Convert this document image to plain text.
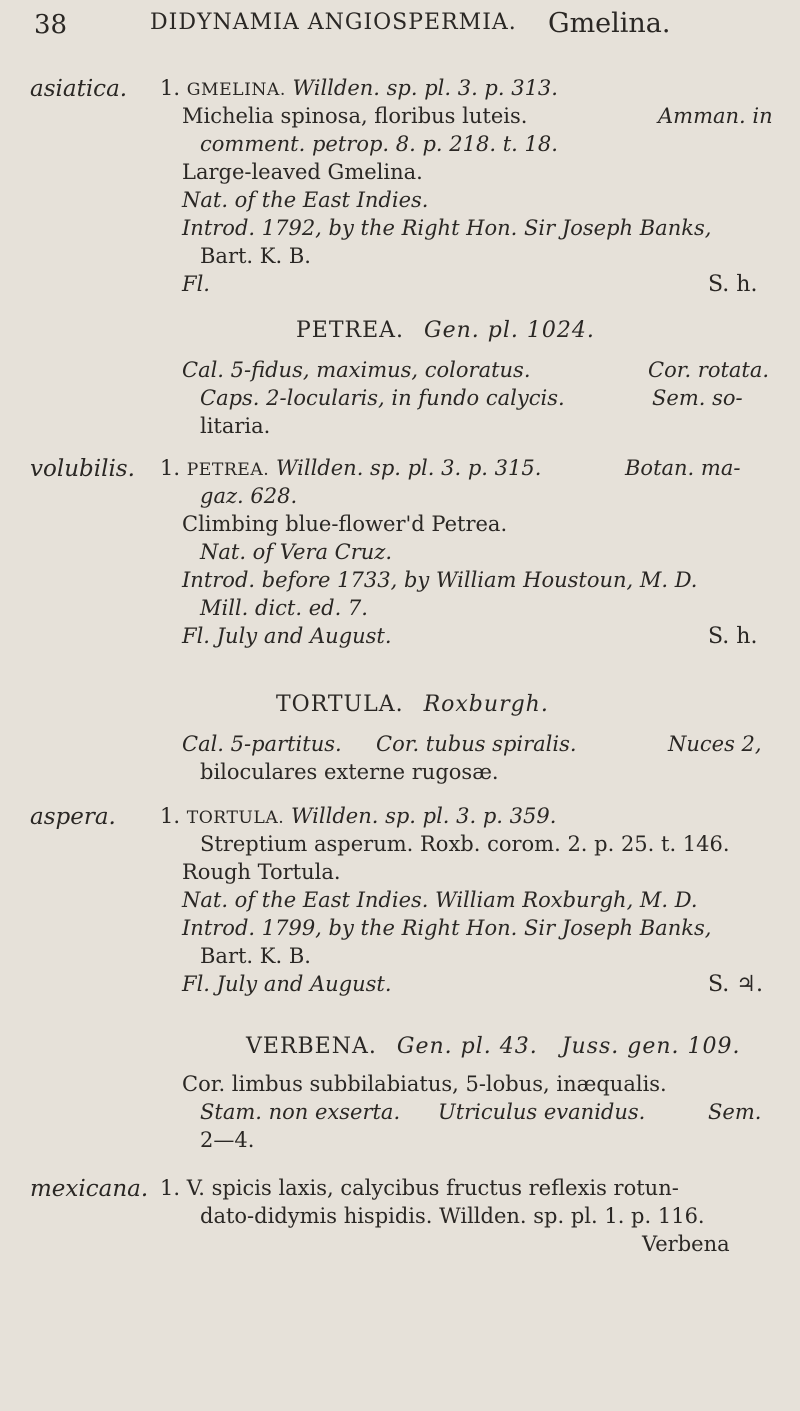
38	DIDYNAMIA ANGIOSPERMIA. Gmelina.
asiatica. 1. GMELINA. Willden. sp. pl. 3. p. 313.
Michelia spinosa, floribus luteis.	Amman. in
comment. petrop. 8. p. 218. t. 18.
Large-leaved Gmelina.
Nat. of the East Indies.
Introd. 1792, by the Right Hon. Sir Joseph Banks,
Bart. K. B.
Fl.	S. h.
PETREA. Gen. pl. 1024.
Cal. 5-fidus, maximus, coloratus.	Cor. rotata.
Caps. 2-locularis, in fundo calycis.	Sem. so-
litaria.
volubilis. 1. PETREA. Willden. sp. pl. 3. p. 315.	Botan. ma-
gaz. 628.
Climbing blue-flower'd Petrea.
Nat. of Vera Cruz.
Introd. before 1733, by William Houstoun, M. D.
Mill. dict. ed. 7.
Fl. July and August.	S. h.
TORTULA. Roxburgh.
Cal. 5-partitus. Cor. tubus spiralis.	Nuces 2,
biloculares externe rugosæ.
aspera. 1. TORTULA. Willden. sp. pl. 3. p. 359.
Streptium asperum. Roxb. corom. 2. p. 25. t. 146.
Rough Tortula.
Nat. of the East Indies. William Roxburgh, M. D.
Introd. 1799, by the Right Hon. Sir Joseph Banks,
Bart. K. B.
Fl. July and August.	S. ♃.
VERBENA. Gen. pl. 43. Juss. gen. 109.
Cor. limbus subbilabiatus, 5-lobus, inæqualis.
Stam. non exserta. Utriculus evanidus.	Sem.
2—4.
mexicana. 1. V. spicis laxis, calycibus fructus reflexis rotun-
dato-didymis hispidis. Willden. sp. pl. 1. p. 116.
Verbena
